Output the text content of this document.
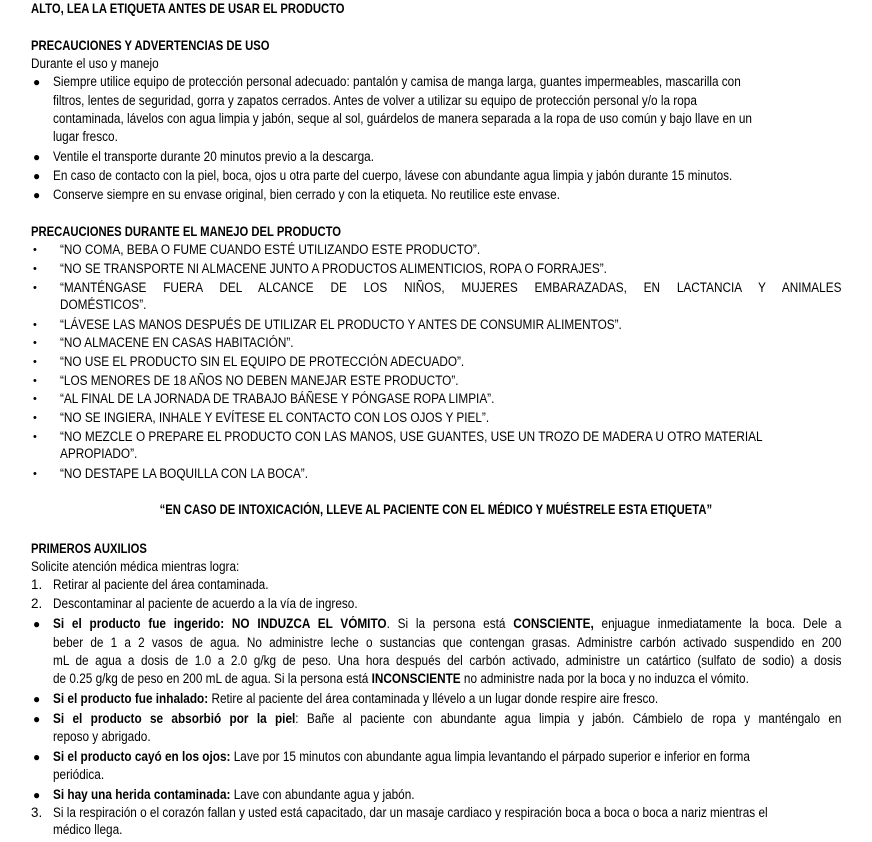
ALTO, LEA LA ETIQUETA ANTES DE USAR EL PRODUCTO
PRECAUCIONES Y ADVERTENCIAS DE USO
Durante el uso y manejo
● Siempre utilice equipo de protección personal adecuado: pantalón y camisa de manga larga, guantes impermeables, mascarilla con
filtros, lentes de seguridad, gorra y zapatos cerrados. Antes de volver a utilizar su equipo de protección personal y/o la ropa
contaminada, lávelos con agua limpia y jabón, seque al sol, guárdelos de manera separada a la ropa de uso común y bajo llave en un
lugar fresco.
● Ventile el transporte durante 20 minutos previo a la descarga.
● En caso de contacto con la piel, boca, ojos u otra parte del cuerpo, lávese con abundante agua limpia y jabón durante 15 minutos.
● Conserve siempre en su envase original, bien cerrado y con la etiqueta. No reutilice este envase.
PRECAUCIONES DURANTE EL MANEJO DEL PRODUCTO
• “NO COMA, BEBA O FUME CUANDO ESTÉ UTILIZANDO ESTE PRODUCTO”.
• “NO SE TRANSPORTE NI ALMACENE JUNTO A PRODUCTOS ALIMENTICIOS, ROPA O FORRAJES”.
• “MANTÉNGASE FUERA DEL ALCANCE DE LOS NIÑOS, MUJERES EMBARAZADAS, EN LACTANCIA Y ANIMALES
DOMÉSTICOS”.
• “LÁVESE LAS MANOS DESPUÉS DE UTILIZAR EL PRODUCTO Y ANTES DE CONSUMIR ALIMENTOS”.
• “NO ALMACENE EN CASAS HABITACIÓN”.
• “NO USE EL PRODUCTO SIN EL EQUIPO DE PROTECCIÓN ADECUADO”.
• “LOS MENORES DE 18 AÑOS NO DEBEN MANEJAR ESTE PRODUCTO”.
• “AL FINAL DE LA JORNADA DE TRABAJO BÁÑESE Y PÓNGASE ROPA LIMPIA”.
• “NO SE INGIERA, INHALE Y EVÍTESE EL CONTACTO CON LOS OJOS Y PIEL”.
• “NO MEZCLE O PREPARE EL PRODUCTO CON LAS MANOS, USE GUANTES, USE UN TROZO DE MADERA U OTRO MATERIAL
APROPIADO”.
• “NO DESTAPE LA BOQUILLA CON LA BOCA”.
“EN CASO DE INTOXICACIÓN, LLEVE AL PACIENTE CON EL MÉDICO Y MUÉSTRELE ESTA ETIQUETA”
PRIMEROS AUXILIOS
Solicite atención médica mientras logra:
1. Retirar al paciente del área contaminada.
2. Descontaminar al paciente de acuerdo a la vía de ingreso.
● Si el producto fue ingerido: NO INDUZCA EL VÓMITO. Si la persona está CONSCIENTE, enjuague inmediatamente la boca. Dele a
beber de 1 a 2 vasos de agua. No administre leche o sustancias que contengan grasas. Administre carbón activado suspendido en 200
mL de agua a dosis de 1.0 a 2.0 g/kg de peso. Una hora después del carbón activado, administre un catártico (sulfato de sodio) a dosis
de 0.25 g/kg de peso en 200 mL de agua. Si la persona está INCONSCIENTE no administre nada por la boca y no induzca el vómito.
● Si el producto fue inhalado: Retire al paciente del área contaminada y llévelo a un lugar donde respire aire fresco.
● Si el producto se absorbió por la piel: Bañe al paciente con abundante agua limpia y jabón. Cámbielo de ropa y manténgalo en
reposo y abrigado.
● Si el producto cayó en los ojos: Lave por 15 minutos con abundante agua limpia levantando el párpado superior e inferior en forma
periódica.
● Si hay una herida contaminada: Lave con abundante agua y jabón.
3. Si la respiración o el corazón fallan y usted está capacitado, dar un masaje cardiaco y respiración boca a boca o boca a nariz mientras el
médico llega.
